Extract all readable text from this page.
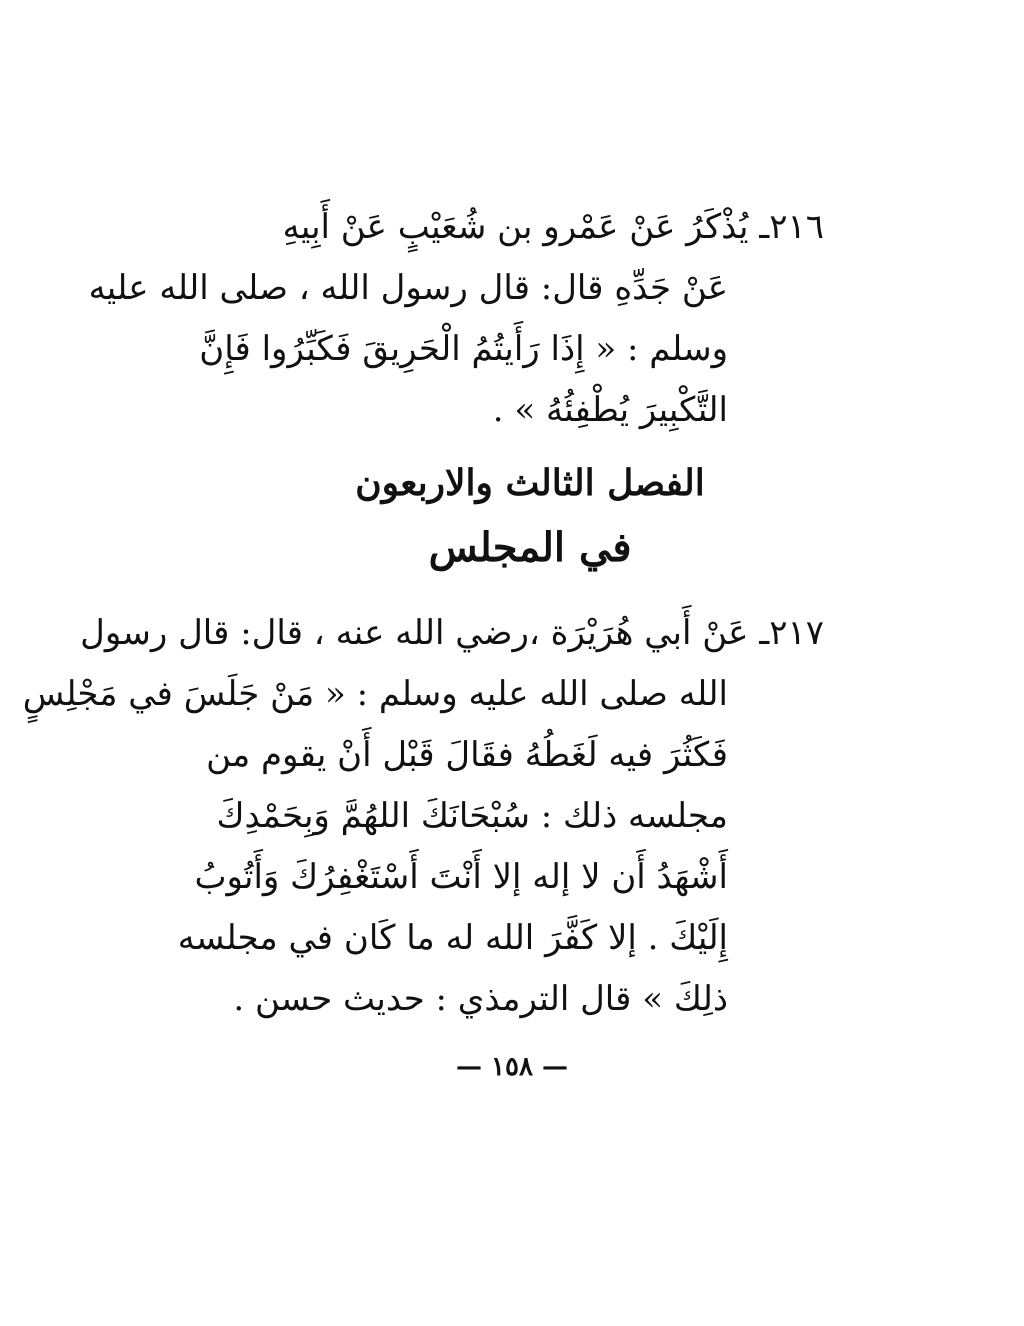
٢١٦ـ يُذْكَرُ عَنْ عَمْرو بن شُعَيْبٍ عَنْ أَبِيهِ
عَنْ جَدِّهِ قال: قال رسول الله ، صلى الله عليه
وسلم : « إِذَا رَأَيتُمُ الْحَرِيقَ فَكَبِّرُوا فَإِنَّ
التَّكْبِيرَ يُطْفِئُهُ » .
الفصل الثالث والاربعون
في المجلس
٢١٧ـ عَنْ أَبي هُرَيْرَة ،رضي الله عنه ، قال: قال رسول
الله صلى الله عليه وسلم : « مَنْ جَلَسَ في مَجْلِسٍ
فَكَثُرَ فيه لَغَطُهُ فقَالَ قَبْل أَنْ يقوم من
مجلسه ذلك : سُبْحَانَكَ اللهُمَّ وَبِحَمْدِكَ
أَشْهَدُ أَن لا إله إلا أَنْتَ أَسْتَغْفِرُكَ وَأَتُوبُ
إِلَيْكَ . إلا كَفَّرَ الله له ما كَان في مجلسه
ذلِكَ » قال الترمذي : حديث حسن .
— ١٥٨ —
